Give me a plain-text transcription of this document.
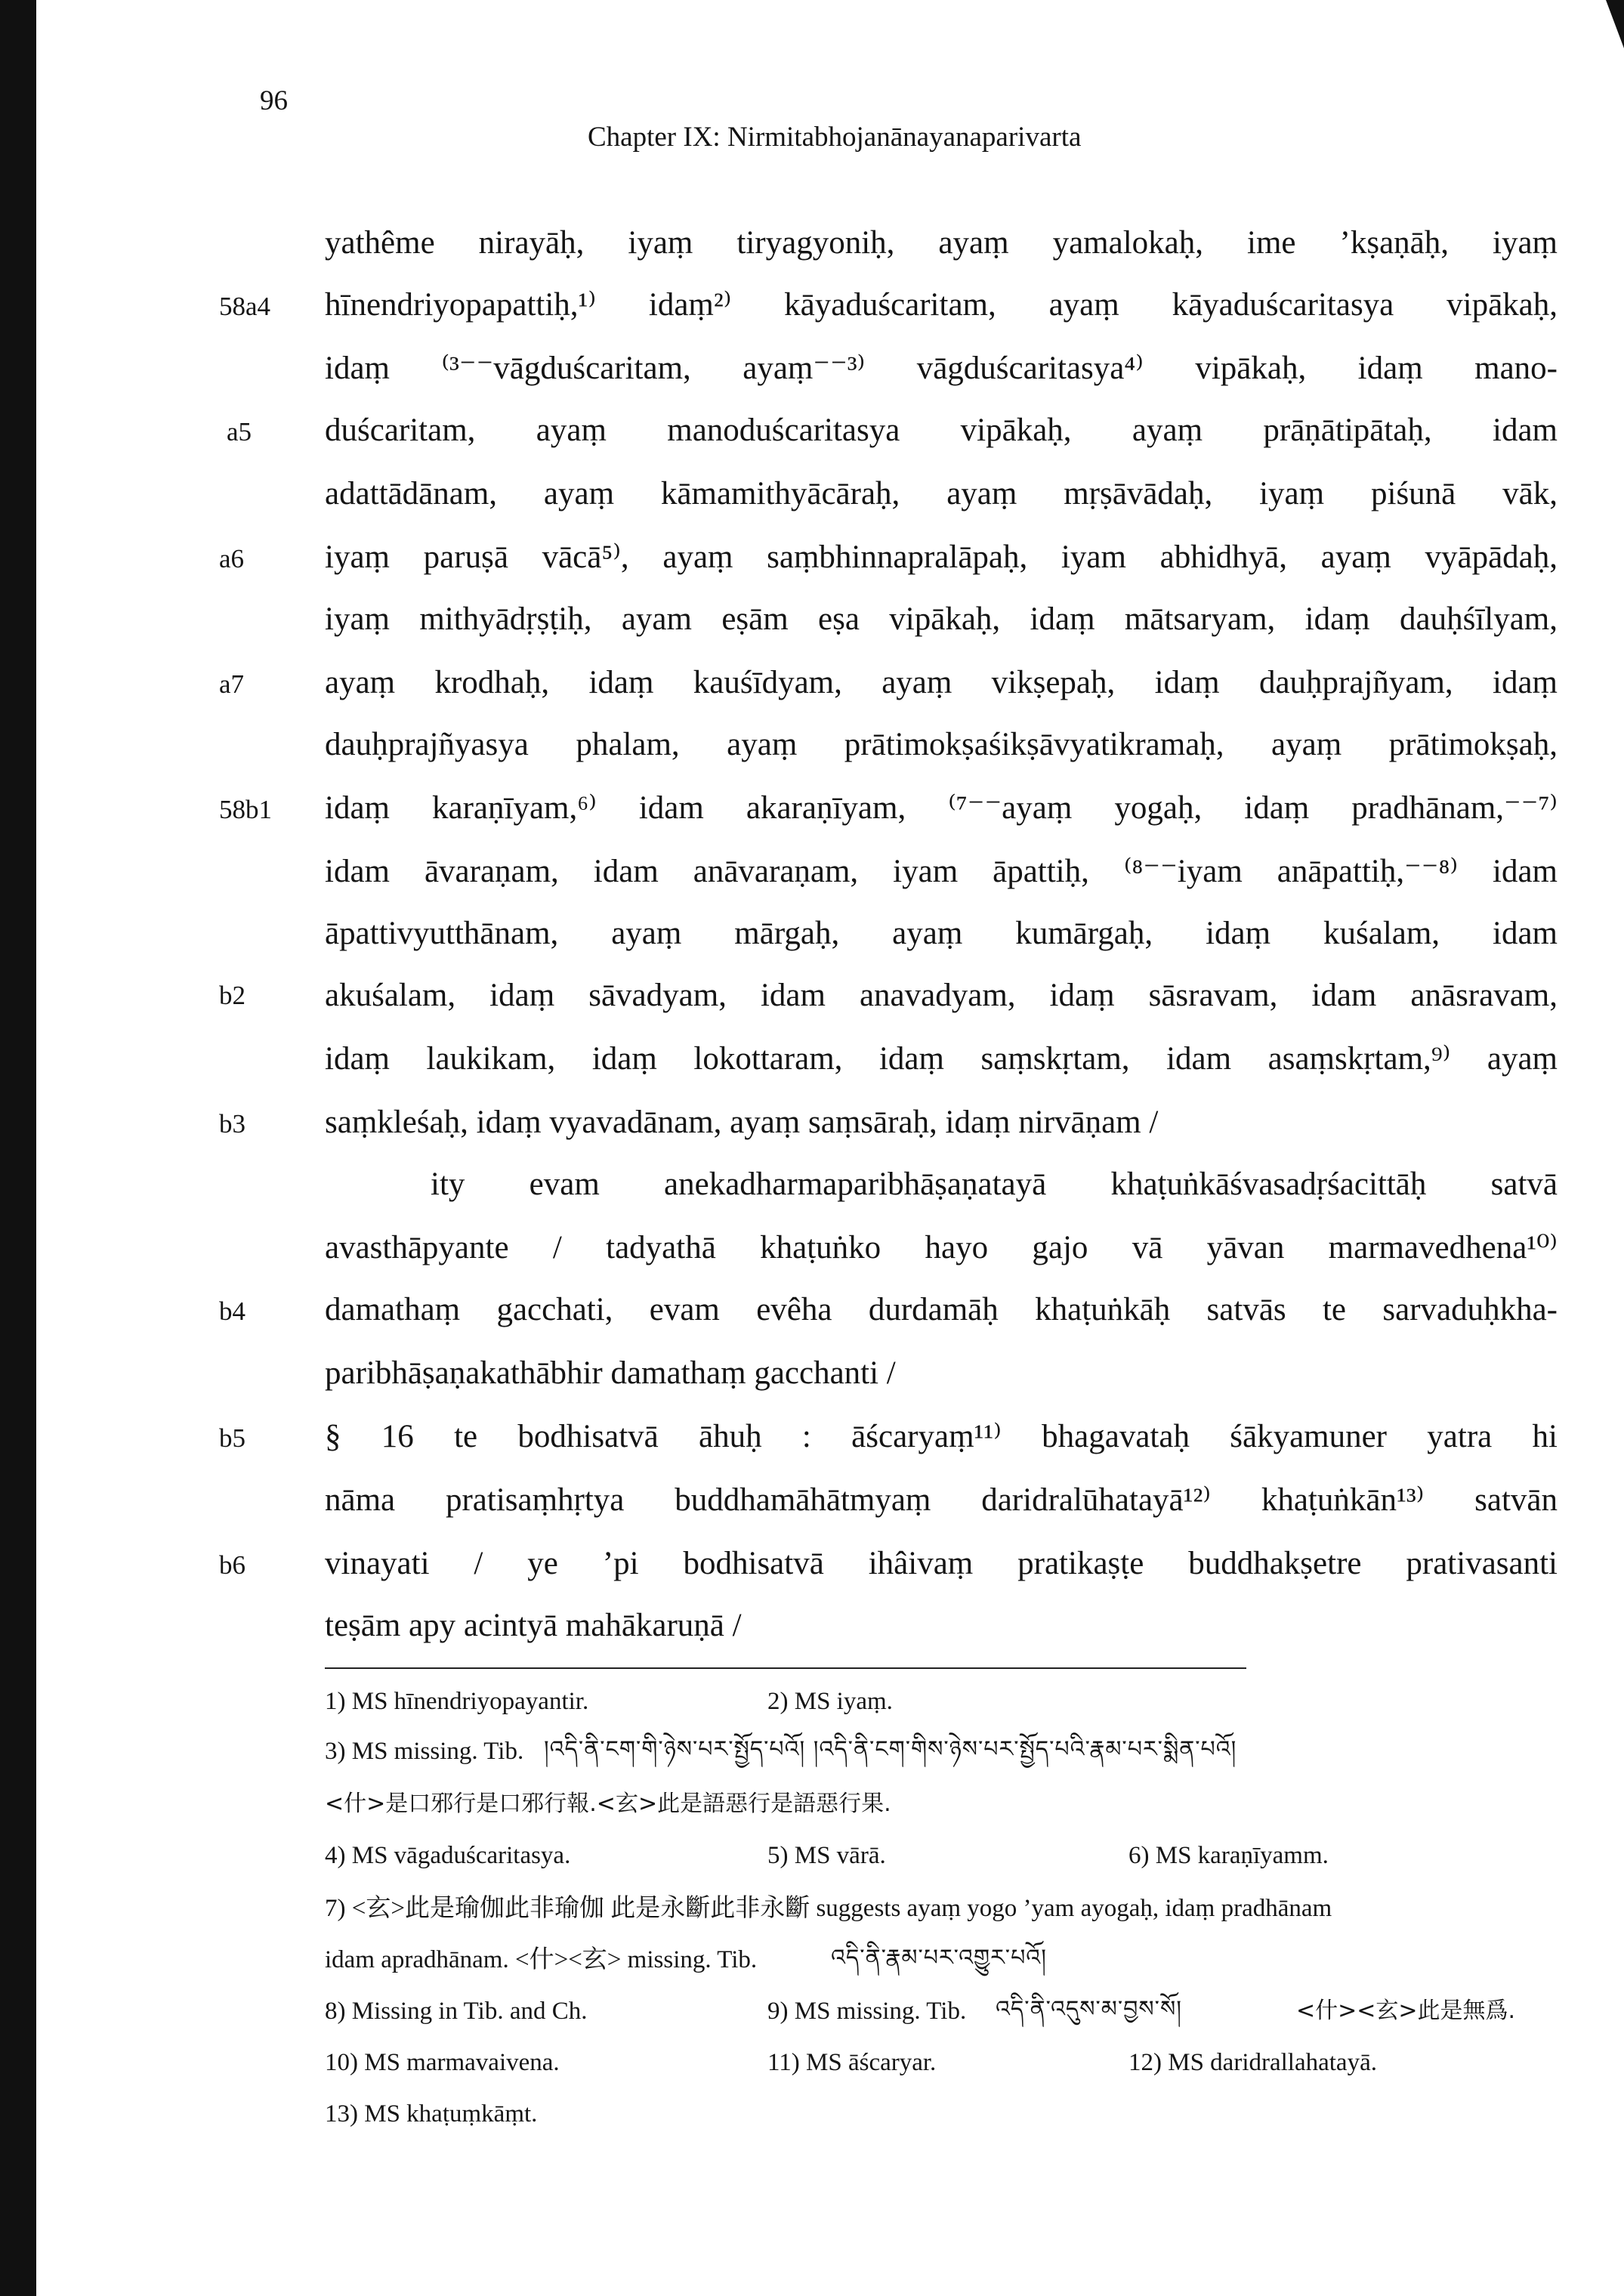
96
Chapter IX: Nirmitabhojanānayanaparivarta
58a4
a5
a6
a7
58b1
b2
b3
b4
b5
b6
yathême nirayāḥ, iyaṃ tiryagyoniḥ, ayaṃ yamalokaḥ, ime ’kṣaṇāḥ, iyaṃ
hīnendriyopapattiḥ,¹⁾ idaṃ²⁾ kāyaduścaritam, ayaṃ kāyaduścaritasya vipākaḥ,
idaṃ ⁽³⁻⁻vāgduścaritam, ayaṃ⁻⁻³⁾ vāgduścaritasya⁴⁾ vipākaḥ, idaṃ mano-
duścaritam, ayaṃ manoduścaritasya vipākaḥ, ayaṃ prāṇātipātaḥ, idam
adattādānam, ayaṃ kāmamithyācāraḥ, ayaṃ mṛṣāvādaḥ, iyaṃ piśunā vāk,
iyaṃ paruṣā vācā⁵⁾, ayaṃ saṃbhinnapralāpaḥ, iyam abhidhyā, ayaṃ vyāpādaḥ,
iyaṃ mithyādṛṣṭiḥ, ayam eṣām eṣa vipākaḥ, idaṃ mātsaryam, idaṃ dauḥśīlyam,
ayaṃ krodhaḥ, idaṃ kauśīdyam, ayaṃ vikṣepaḥ, idaṃ dauḥprajñyam, idaṃ
dauḥprajñyasya phalam, ayaṃ prātimokṣaśikṣāvyatikramaḥ, ayaṃ prātimokṣaḥ,
idaṃ karaṇīyam,⁶⁾ idam akaraṇīyam, ⁽⁷⁻⁻ayaṃ yogaḥ, idaṃ pradhānam,⁻⁻⁷⁾
idam āvaraṇam, idam anāvaraṇam, iyam āpattiḥ, ⁽⁸⁻⁻iyam anāpattiḥ,⁻⁻⁸⁾ idam
āpattivyutthānam, ayaṃ mārgaḥ, ayaṃ kumārgaḥ, idaṃ kuśalam, idam
akuśalam, idaṃ sāvadyam, idam anavadyam, idaṃ sāsravam, idam anāsravam,
idaṃ laukikam, idaṃ lokottaram, idaṃ saṃskṛtam, idam asaṃskṛtam,⁹⁾ ayaṃ
saṃkleśaḥ, idaṃ vyavadānam, ayaṃ saṃsāraḥ, idaṃ nirvāṇam /
ity evam anekadharmaparibhāṣaṇatayā khaṭuṅkāśvasadṛśacittāḥ satvā
avasthāpyante / tadyathā khaṭuṅko hayo gajo vā yāvan marmavedhena¹⁰⁾
damathaṃ gacchati, evam evêha durdamāḥ khaṭuṅkāḥ satvās te sarvaduḥkha-
paribhāṣaṇakathābhir damathaṃ gacchanti /
§ 16 te bodhisatvā āhuḥ : āścaryaṃ¹¹⁾ bhagavataḥ śākyamuner yatra hi
nāma pratisaṃhṛtya buddhamāhātmyaṃ daridralūhatayā¹²⁾ khaṭuṅkān¹³⁾ satvān
vinayati / ye ’pi bodhisatvā ihâivaṃ pratikaṣṭe buddhakṣetre prativasanti
teṣām apy acintyā mahākaruṇā /
1) MS hīnendriyopayantir.	2) MS iyaṃ.
3) MS missing. Tib. །འདི་ནི་ངག་གི་ཉེས་པར་སྤྱོད་པའོ། །འདི་ནི་ངག་གིས་ཉེས་པར་སྤྱོད་པའི་རྣམ་པར་སྨིན་པའོ།
<什>是口邪行是口邪行報.<玄>此是語惡行是語惡行果.
4) MS vāgaduścaritasya.	5) MS vārā.	6) MS karaṇīyamm.
7) <玄>此是瑜伽此非瑜伽 此是永斷此非永斷 suggests ayaṃ yogo ’yam ayogaḥ, idaṃ pradhānam
idam apradhānam. <什><玄> missing. Tib.	འདི་ནི་རྣམ་པར་འགྱུར་པའོ།
8) Missing in Tib. and Ch.	9) MS missing. Tib. འདི་ནི་འདུས་མ་བྱས་སོ།	<什><玄>此是無爲.
10) MS marmavaivena.	11) MS āścaryar.	12) MS daridrallahatayā.
13) MS khaṭuṃkāṃt.
